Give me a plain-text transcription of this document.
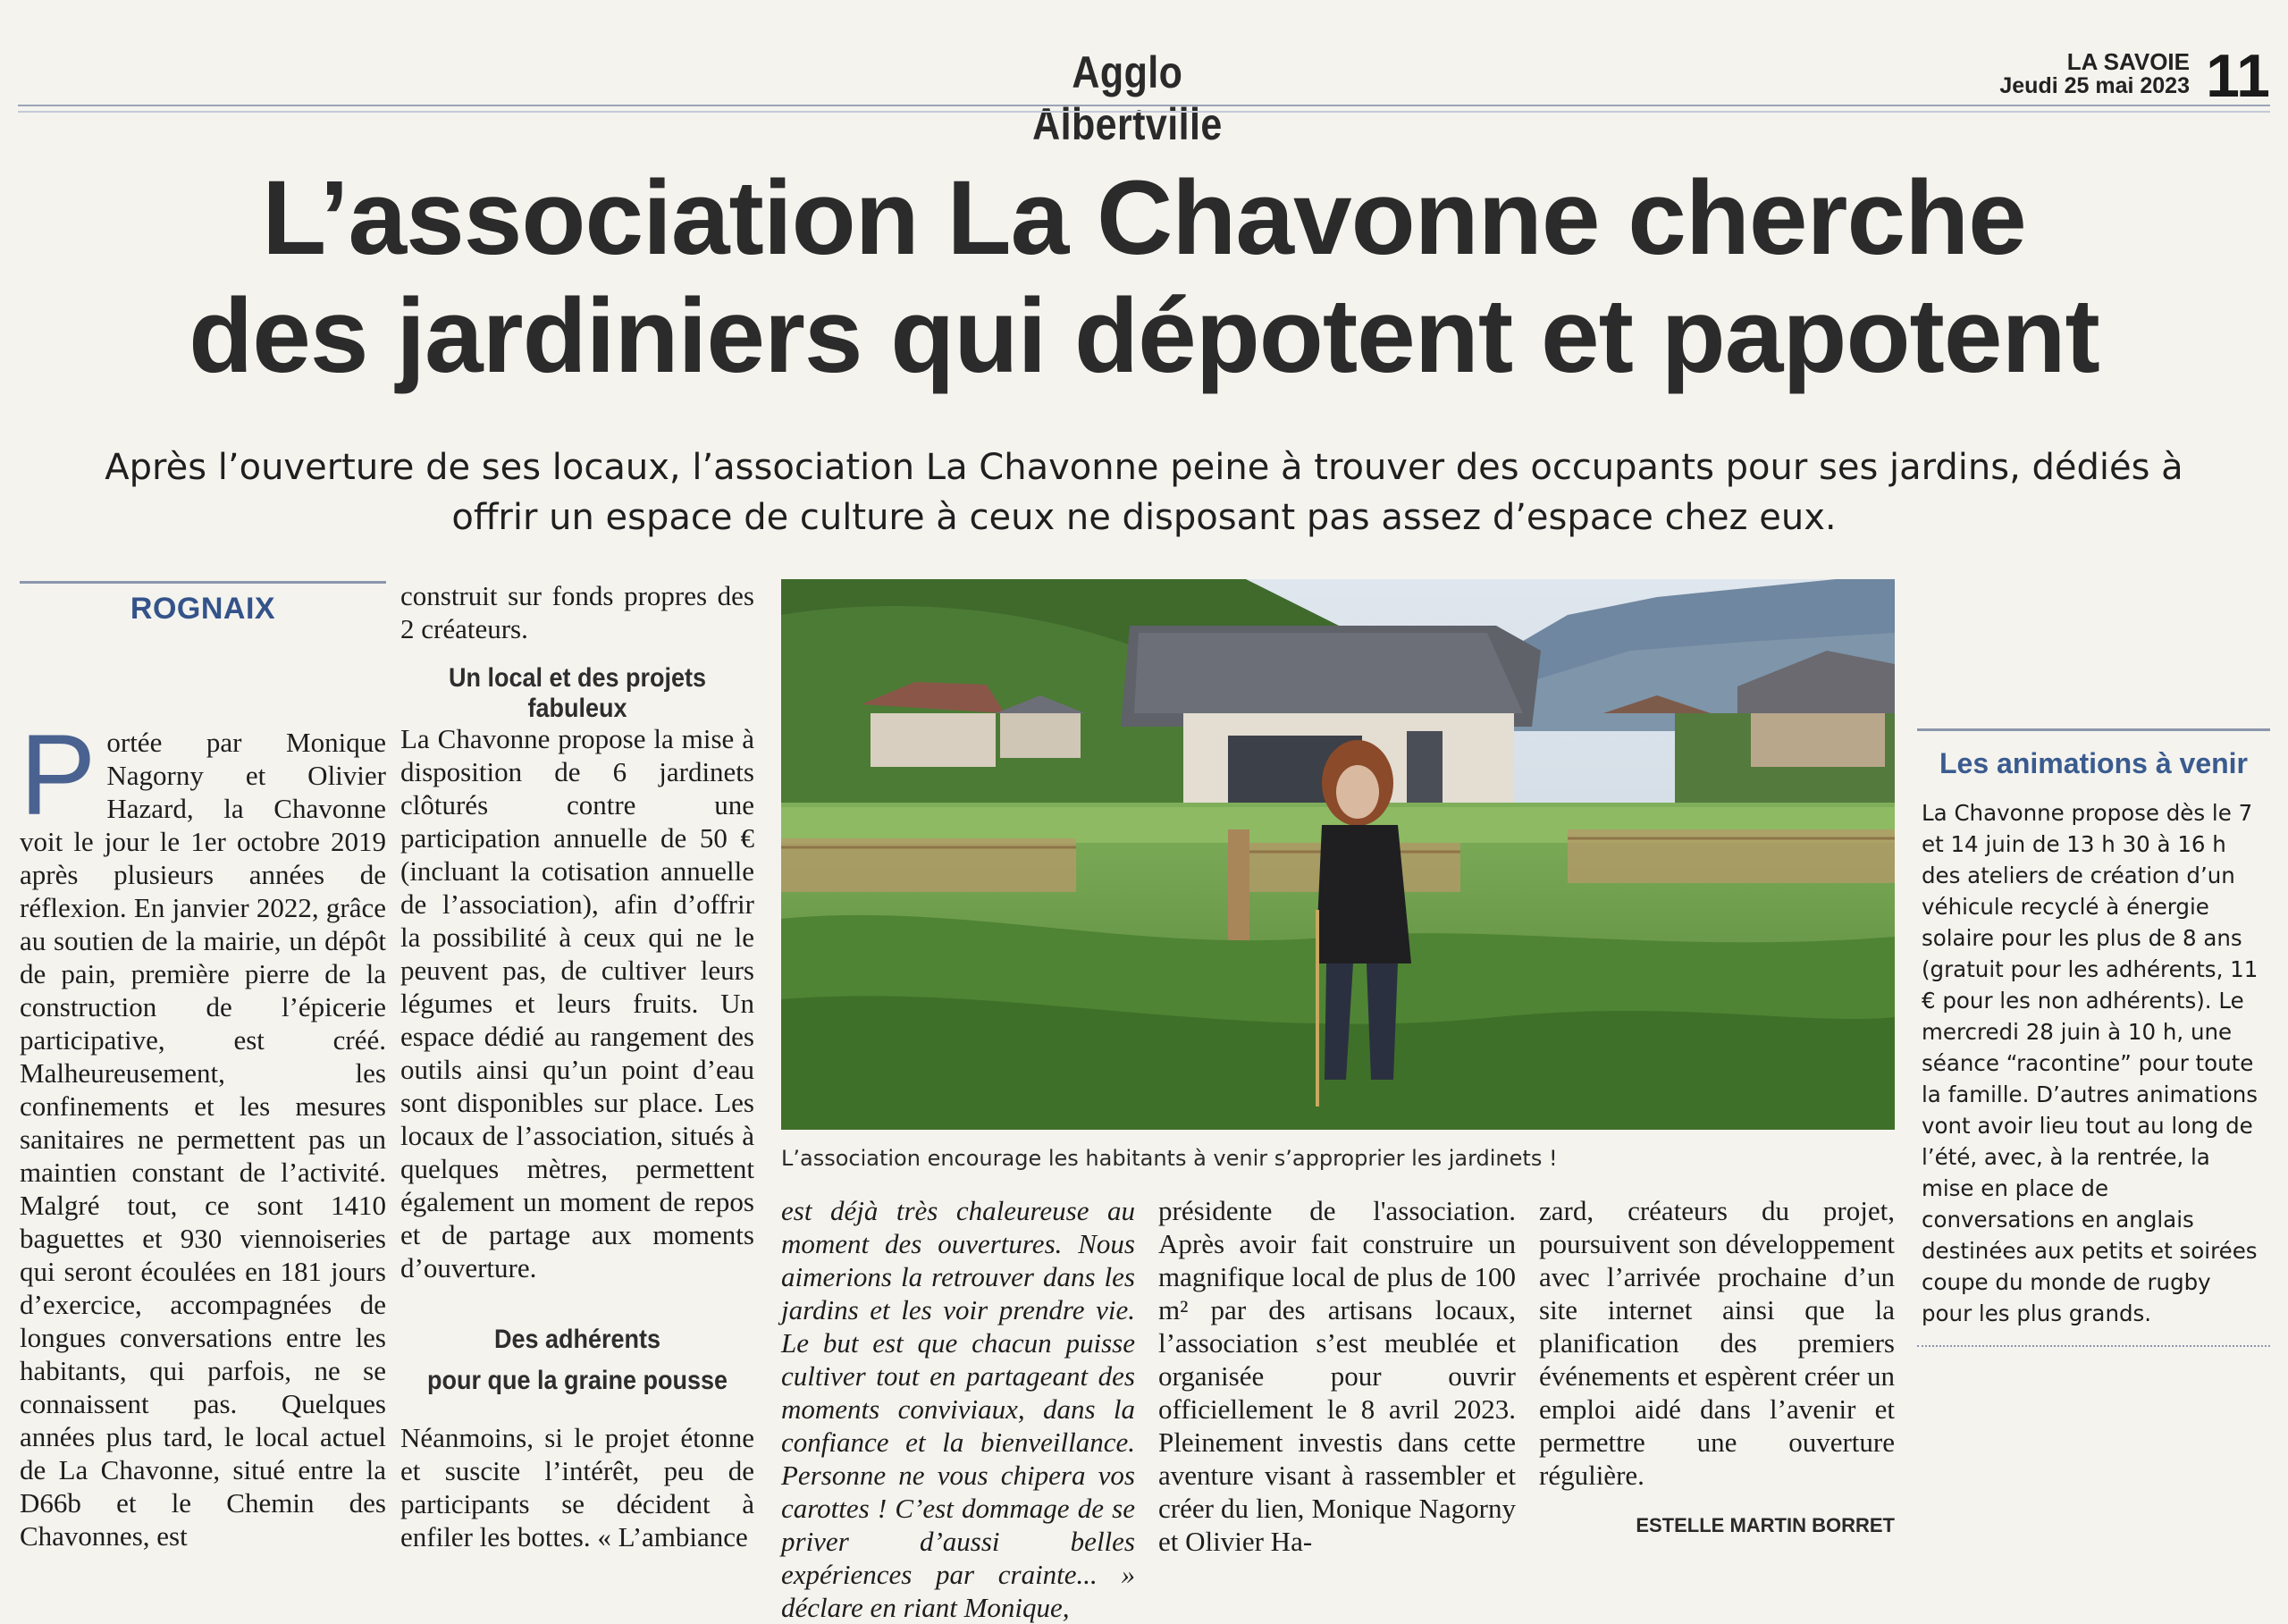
Agglo Albertville
LA SAVOIE
Jeudi 25 mai 2023 11
L’association La Chavonne cherche
des jardiniers qui dépotent et papotent
Après l’ouverture de ses locaux, l’association La Chavonne peine à trouver des occupants pour ses jardins, dédiés à offrir un espace de culture à ceux ne disposant pas assez d’espace chez eux.
ROGNAIX
Portée par Monique Nagorny et Olivier Hazard, la Chavonne voit le jour le 1er octobre 2019 après plusieurs années de réflexion. En janvier 2022, grâce au soutien de la mairie, un dépôt de pain, première pierre de la construction de l’épicerie participative, est créé. Malheureusement, les confinements et les mesures sanitaires ne permettent pas un maintien constant de l’activité. Malgré tout, ce sont 1410 baguettes et 930 viennoiseries qui seront écoulées en 181 jours d’exercice, accompagnées de longues conversations entre les habitants, qui parfois, ne se connaissent pas. Quelques années plus tard, le local actuel de La Chavonne, situé entre la D66b et le Chemin des Chavonnes, est
construit sur fonds propres des 2 créateurs.
Un local et des projets fabuleux
La Chavonne propose la mise à disposition de 6 jardinets clôturés contre une participation annuelle de 50 € (incluant la cotisation annuelle de l’association), afin d’offrir la possibilité à ceux qui ne le peuvent pas, de cultiver leurs légumes et leurs fruits. Un espace dédié au rangement des outils ainsi qu’un point d’eau sont disponibles sur place. Les locaux de l’association, situés à quelques mètres, permettent également un moment de repos et de partage aux moments d’ouverture.
Des adhérents
pour que la graine pousse
Néanmoins, si le projet étonne et suscite l’intérêt, peu de participants se décident à enfiler les bottes. « L’ambiance
L’association encourage les habitants à venir s’approprier les jardinets !
est déjà très chaleureuse au moment des ouvertures. Nous aimerions la retrouver dans les jardins et les voir prendre vie. Le but est que chacun puisse cultiver tout en partageant des moments conviviaux, dans la confiance et la bienveillance. Personne ne vous chipera vos carottes ! C’est dommage de se priver d’aussi belles expériences par crainte... » déclare en riant Monique,
présidente de l'association. Après avoir fait construire un magnifique local de plus de 100 m² par des artisans locaux, l’association s’est meublée et organisée pour ouvrir officiellement le 8 avril 2023. Pleinement investis dans cette aventure visant à rassembler et créer du lien, Monique Nagorny et Olivier Ha-
zard, créateurs du projet, poursuivent son développement avec l’arrivée prochaine d’un site internet ainsi que la planification des premiers événements et espèrent créer un emploi aidé dans l’avenir et permettre une ouverture régulière.
ESTELLE MARTIN BORRET
Les animations à venir
La Chavonne propose dès le 7 et 14 juin de 13 h 30 à 16 h des ateliers de création d’un véhicule recyclé à énergie solaire pour les plus de 8 ans (gratuit pour les adhérents, 11 € pour les non adhérents). Le mercredi 28 juin à 10 h, une séance “racontine” pour toute la famille. D’autres animations vont avoir lieu tout au long de l’été, avec, à la rentrée, la mise en place de conversations en anglais destinées aux petits et soirées coupe du monde de rugby pour les plus grands.
